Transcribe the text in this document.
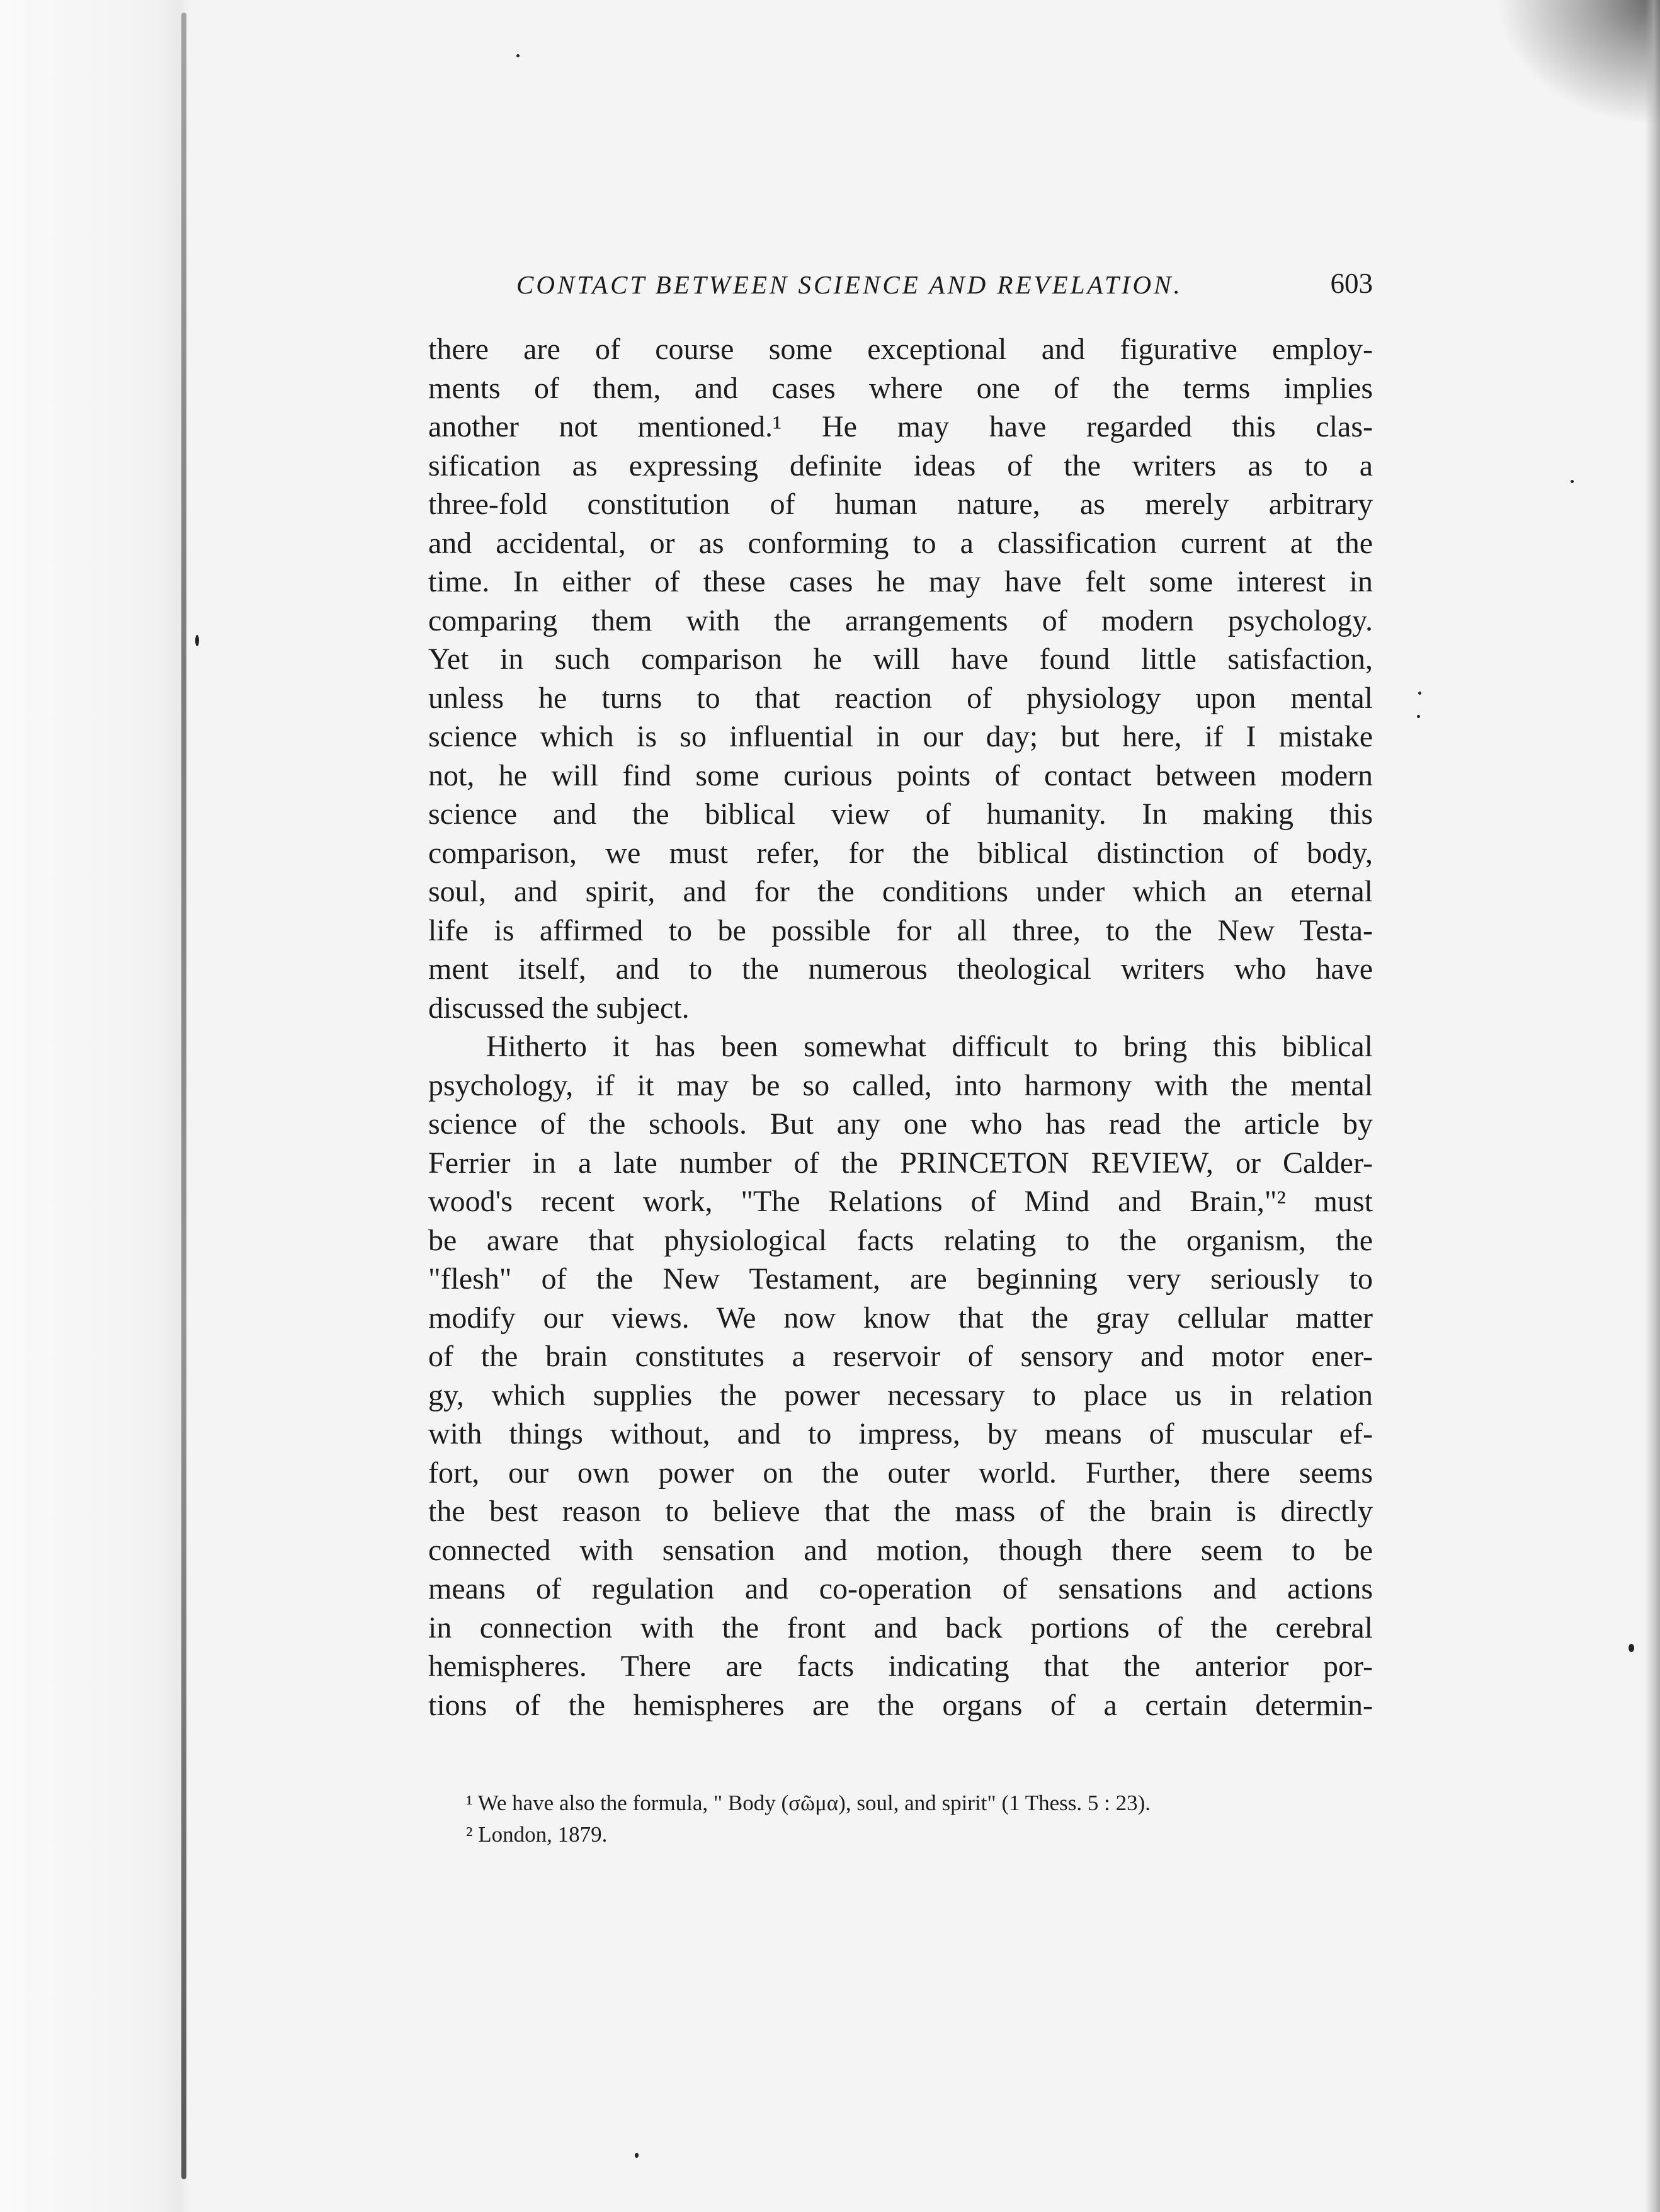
CONTACT BETWEEN SCIENCE AND REVELATION.	603
there are of course some exceptional and figurative employ-
ments of them, and cases where one of the terms implies
another not mentioned.¹ He may have regarded this clas-
sification as expressing definite ideas of the writers as to a
three-fold constitution of human nature, as merely arbitrary
and accidental, or as conforming to a classification current at the
time. In either of these cases he may have felt some interest in
comparing them with the arrangements of modern psychology.
Yet in such comparison he will have found little satisfaction,
unless he turns to that reaction of physiology upon mental
science which is so influential in our day; but here, if I mistake
not, he will find some curious points of contact between modern
science and the biblical view of humanity. In making this
comparison, we must refer, for the biblical distinction of body,
soul, and spirit, and for the conditions under which an eternal
life is affirmed to be possible for all three, to the New Testa-
ment itself, and to the numerous theological writers who have
discussed the subject.
Hitherto it has been somewhat difficult to bring this biblical
psychology, if it may be so called, into harmony with the mental
science of the schools. But any one who has read the article by
Ferrier in a late number of the PRINCETON REVIEW, or Calder-
wood's recent work, "The Relations of Mind and Brain,"² must
be aware that physiological facts relating to the organism, the
"flesh" of the New Testament, are beginning very seriously to
modify our views. We now know that the gray cellular matter
of the brain constitutes a reservoir of sensory and motor ener-
gy, which supplies the power necessary to place us in relation
with things without, and to impress, by means of muscular ef-
fort, our own power on the outer world. Further, there seems
the best reason to believe that the mass of the brain is directly
connected with sensation and motion, though there seem to be
means of regulation and co-operation of sensations and actions
in connection with the front and back portions of the cerebral
hemispheres. There are facts indicating that the anterior por-
tions of the hemispheres are the organs of a certain determin-
¹ We have also the formula, " Body (σῶμα), soul, and spirit" (1 Thess. 5 : 23).
² London, 1879.
